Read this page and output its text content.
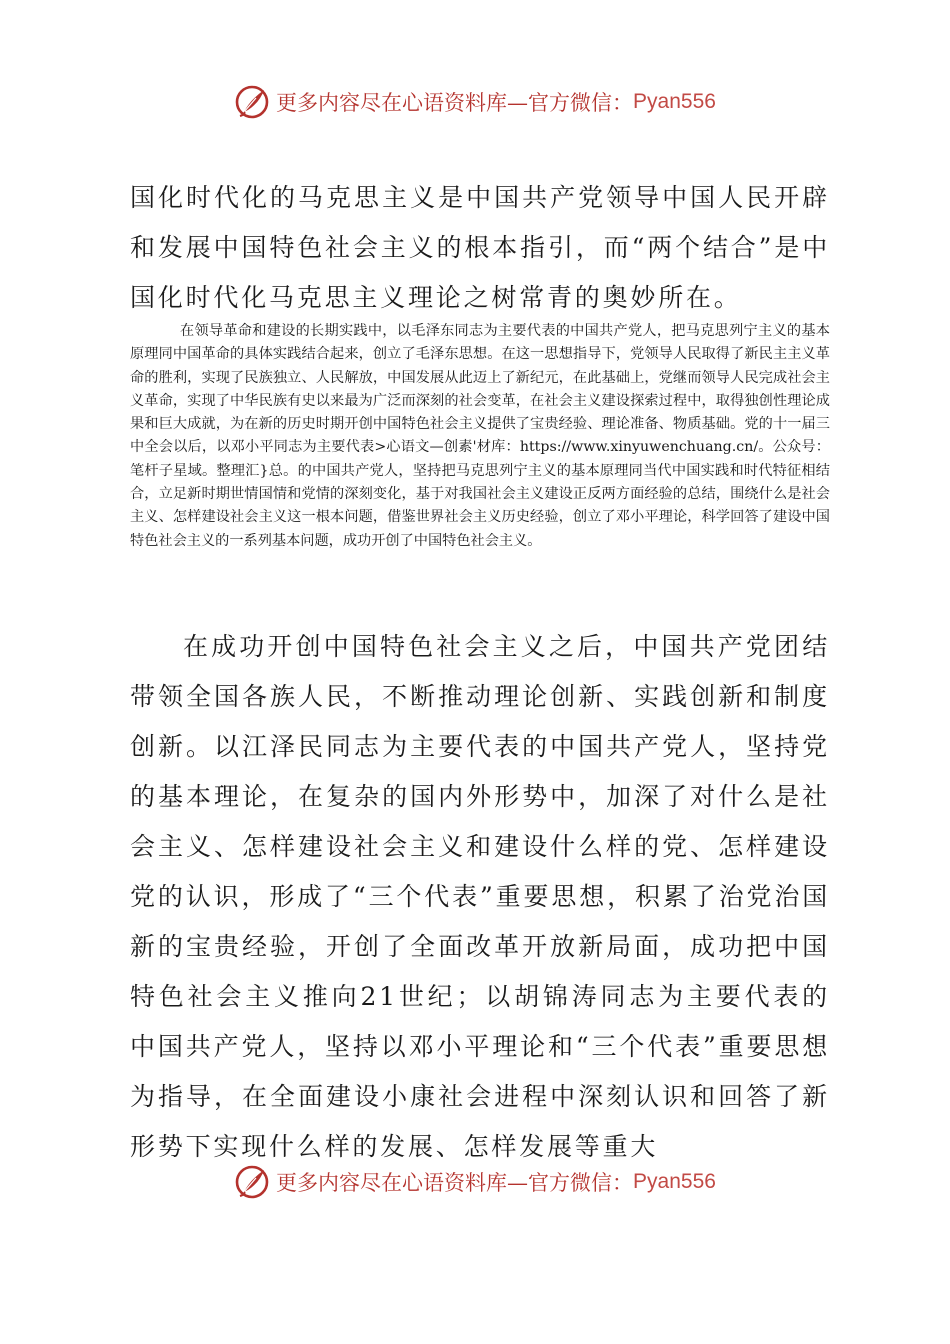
更多内容尽在心语资料库—官方微信： Pyan556

国化时代化的马克思主义是中国共产党领导中国人民开辟和发展中国特色社会主义的根本指引，而“两个结合”是中国化时代化马克思主义理论之树常青的奥妙所在。

在领导革命和建设的长期实践中，以毛泽东同志为主要代表的中国共产党人，把马克思列宁主义的基本原理同中国革命的具体实践结合起来，创立了毛泽东思想。在这一思想指导下，党领导人民取得了新民主主义革命的胜利，实现了民族独立、人民解放，中国发展从此迈上了新纪元，在此基础上，党继而领导人民完成社会主义革命，实现了中华民族有史以来最为广泛而深刻的社会变革，在社会主义建设探索过程中，取得独创性理论成果和巨大成就，为在新的历史时期开创中国特色社会主义提供了宝贵经验、理论准备、物质基础。党的十一届三中全会以后，以邓小平同志为主要代表>心语文—创素'材库：https://www.xinyuwenchuang.cn/。公众号：笔杆子星域。整理汇}总。的中国共产党人，坚持把马克思列宁主义的基本原理同当代中国实践和时代特征相结合，立足新时期世情国情和党情的深刻变化，基于对我国社会主义建设正反两方面经验的总结，围绕什么是社会主义、怎样建设社会主义这一根本问题，借鉴世界社会主义历史经验，创立了邓小平理论，科学回答了建设中国特色社会主义的一系列基本问题，成功开创了中国特色社会主义。

在成功开创中国特色社会主义之后，中国共产党团结带领全国各族人民，不断推动理论创新、实践创新和制度创新。以江泽民同志为主要代表的中国共产党人，坚持党的基本理论，在复杂的国内外形势中，加深了对什么是社会主义、怎样建设社会主义和建设什么样的党、怎样建设党的认识，形成了“三个代表”重要思想，积累了治党治国新的宝贵经验，开创了全面改革开放新局面，成功把中国特色社会主义推向21世纪；以胡锦涛同志为主要代表的中国共产党人，坚持以邓小平理论和“三个代表”重要思想为指导，在全面建设小康社会进程中深刻认识和回答了新形势下实现什么样的发展、怎样发展等重大

更多内容尽在心语资料库—官方微信： Pyan556
